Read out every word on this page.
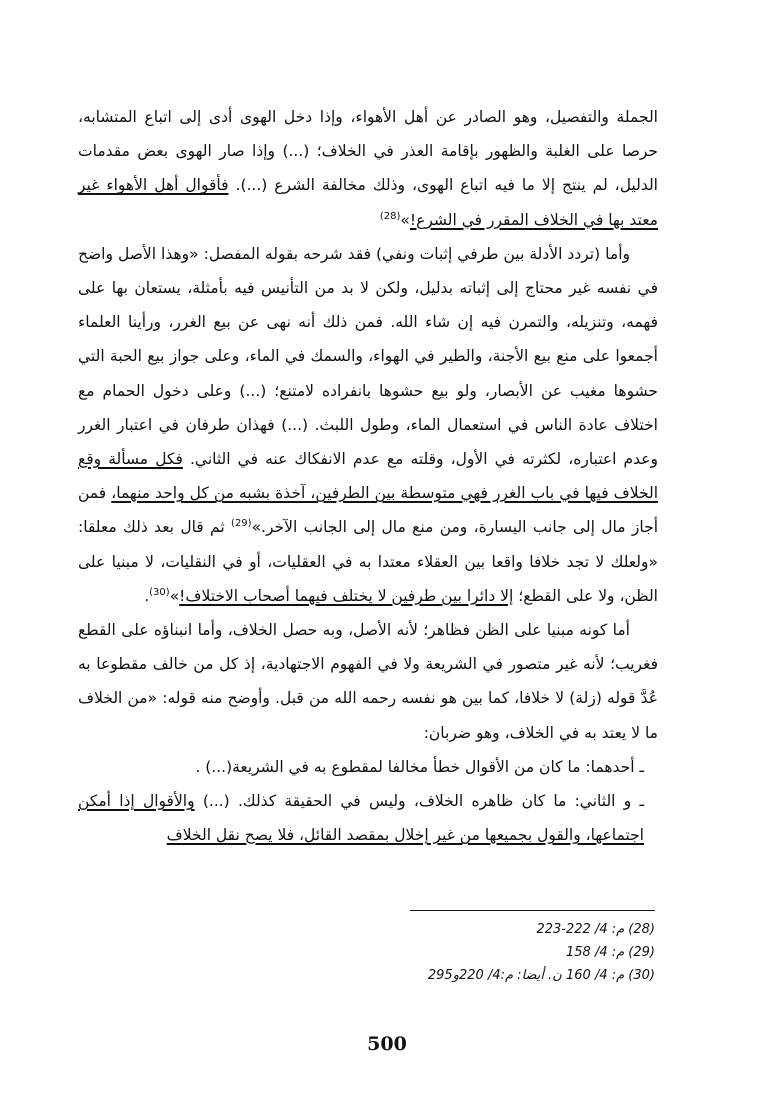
الجملة والتفصيل، وهو الصادر عن أهل الأهواء، وإذا دخل الهوى أدى إلى اتباع المتشابه، حرصا على الغلبة والظهور بإقامة العذر في الخلاف؛ (...) وإذا صار الهوى بعض مقدمات الدليل، لم ينتج إلا ما فيه اتباع الهوى، وذلك مخالفة الشرع (...). فأقوال أهل الأهواء غير معتد بها في الخلاف المقرر في الشرع!»$^{(28)}$

وأما (تردد الأدلة بين طرفي إثبات ونفي) فقد شرحه بقوله المفصل: «وهذا الأصل واضح في نفسه غير محتاج إلى إثباته بدليل، ولكن لا بد من التأنيس فيه بأمثلة، يستعان بها على فهمه، وتنزيله، والتمرن فيه إن شاء الله. فمن ذلك أنه نهى عن بيع الغرر، ورأينا العلماء أجمعوا على منع بيع الأجنة، والطير في الهواء، والسمك في الماء، وعلى جواز بيع الحبة التي حشوها مغيب عن الأبصار، ولو بيع حشوها بانفراده لامتنع؛ (...) وعلى دخول الحمام مع اختلاف عادة الناس في استعمال الماء، وطول اللبث. (...) فهذان طرفان في اعتبار الغرر وعدم اعتباره، لكثرته في الأول، وقلته مع عدم الانفكاك عنه في الثاني. فكل مسألة وقع الخلاف فيها في باب الغرر فهي متوسطة بين الطرفين، آخذة بشبه من كل واحد منهما، فمن أجاز مال إلى جانب اليسارة، ومن منع مال إلى الجانب الآخر.»$^{(29)}$ ثم قال بعد ذلك معلقا: «ولعلك لا تجد خلافا واقعا بين العقلاء معتدا به في العقليات، أو في النقليات، لا مبنيا على الظن، ولا على القطع؛ إلا دائرا بين طرفين لا يختلف فيهما أصحاب الاختلاف!»$^{(30)}$.

أما كونه مبنيا على الظن فظاهر؛ لأنه الأصل، وبه حصل الخلاف، وأما انبناؤه على القطع فغريب؛ لأنه غير متصور في الشريعة ولا في الفهوم الاجتهادية، إذ كل من خالف مقطوعا به عُدَّ قوله (زلة) لا خلافا، كما بين هو نفسه رحمه الله من قبل. وأوضح منه قوله: «من الخلاف ما لا يعتد به في الخلاف، وهو ضربان:

ـ أحدهما: ما كان من الأقوال خطأ مخالفا لمقطوع به في الشريعة(...) .

ـ و الثاني: ما كان ظاهره الخلاف، وليس في الحقيقة كذلك. (...) والأقوال إذا أمكن اجتماعها، والقول بجميعها من غير إخلال بمقصد القائل، فلا يصح نقل الخلاف

(28) م: 4/ 222-223
(29) م: 4/ 158
(30) م: 4/ 160 ن. أيضا: م:4/ 220و295
500
